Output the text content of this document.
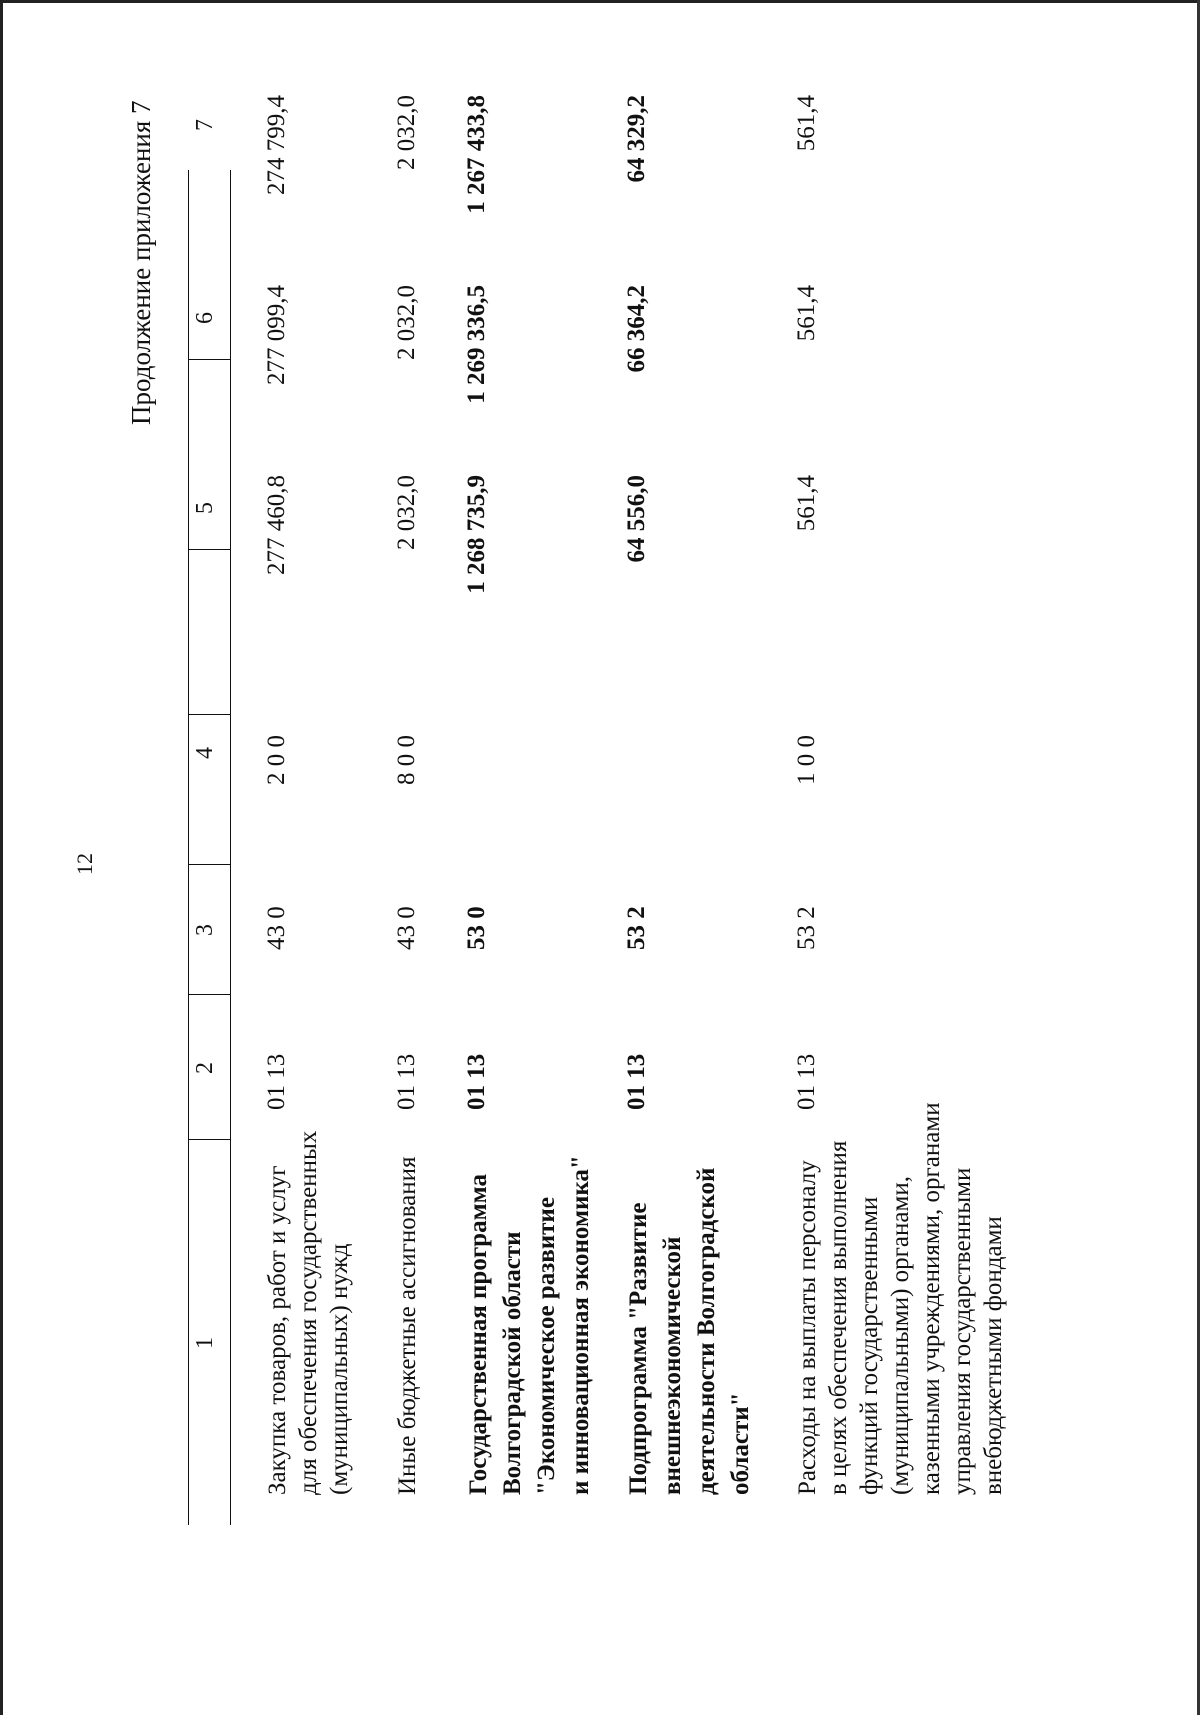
12
Продолжение приложения 7
1
2
3
4
5
6
7
Закупка товаров, работ и услуг для обеспечения государственных (муниципальных) нужд
01 13
43 0
2 0 0
277 460,8
277 099,4
274 799,4
Иные бюджетные ассигнования
01 13
43 0
8 0 0
2 032,0
2 032,0
2 032,0
Государственная программа Волгоградской области "Экономическое развитие и инновационная экономика"
01 13
53 0
1 268 735,9
1 269 336,5
1 267 433,8
Подпрограмма "Развитие внешнеэкономической деятельности Волгоградской области"
01 13
53 2
64 556,0
66 364,2
64 329,2
Расходы на выплаты персоналу в целях обеспечения выполнения функций государственными (муниципальными) органами, казенными учреждениями, органами управления государственными внебюджетными фондами
01 13
53 2
1 0 0
561,4
561,4
561,4
